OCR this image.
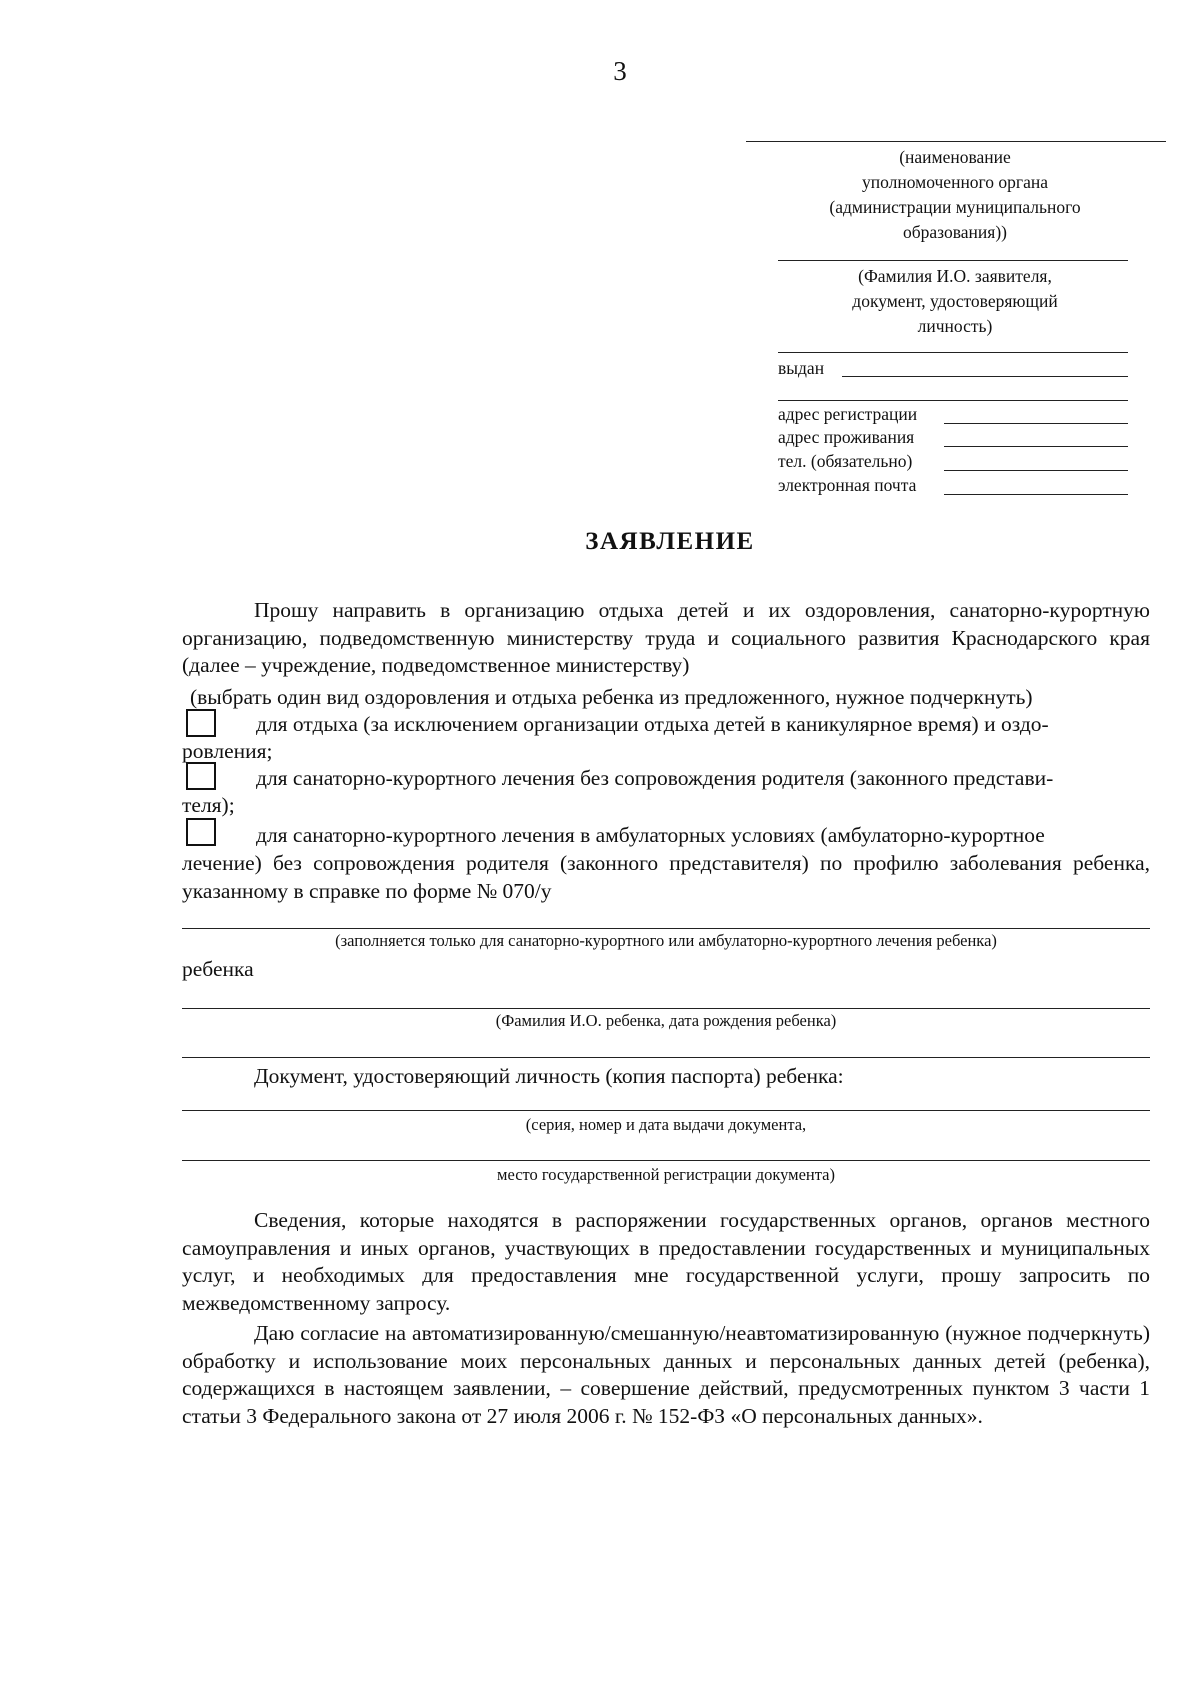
3
(наименование
уполномоченного органа
(администрации муниципального
образования))
(Фамилия И.О. заявителя,
документ, удостоверяющий
личность)
выдан
адрес регистрации
адрес проживания
тел. (обязательно)
электронная почта
ЗАЯВЛЕНИЕ
Прошу направить в организацию отдыха детей и их оздоровления, санаторно-курортную организацию, подведомственную министерству труда и социального развития Краснодарского края (далее – учреждение, подведомственное министерству)
(выбрать один вид оздоровления и отдыха ребенка из предложенного, нужное подчеркнуть)
для отдыха (за исключением организации отдыха детей в каникулярное время) и оздо-
ровления;
для санаторно-курортного лечения без сопровождения родителя (законного представи-
теля);
для санаторно-курортного лечения в амбулаторных условиях (амбулаторно-курортное
лечение) без сопровождения родителя (законного представителя) по профилю заболевания ребенка, указанному в справке по форме № 070/у
(заполняется только для санаторно-курортного или амбулаторно-курортного лечения ребенка)
ребенка
(Фамилия И.О. ребенка, дата рождения ребенка)
Документ, удостоверяющий личность (копия паспорта) ребенка:
(серия, номер и дата выдачи документа,
место государственной регистрации документа)
Сведения, которые находятся в распоряжении государственных органов, органов местного самоуправления и иных органов, участвующих в предоставлении государственных и муниципальных услуг, и необходимых для предоставления мне государственной услуги, прошу запросить по межведомственному запросу.
Даю согласие на автоматизированную/смешанную/неавтоматизированную (нужное подчеркнуть) обработку и использование моих персональных данных и персональных данных детей (ребенка), содержащихся в настоящем заявлении, – совершение действий, предусмотренных пунктом 3 части 1 статьи 3 Федерального закона от 27 июля 2006 г. № 152-ФЗ «О персональных данных».
